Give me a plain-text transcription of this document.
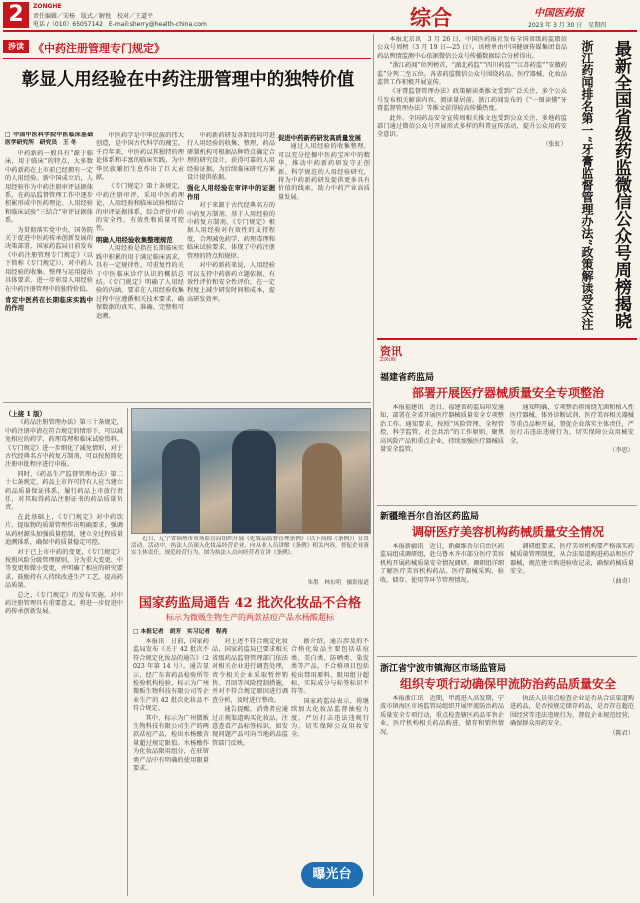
2	ZONGHE
责任编辑／宋杨　版式／解悦　校对／王道平
电话 /（010）65057142　E-mail:sherry@health-china.com	综合	中国医药报
2023 年 3 月 30 日　星期四
涉读 《中药注册管理专门规定》
彰显人用经验在中药注册管理中的独特价值
□ 中国中医科学院中医临床基础医学研究所　研究员　王 冬

中药新药一般具有“源于临床，用于临床”的特点，大多数中药新药在上市前已经拥有一定的人用经验。新中国成立后，人用经验作为中药注册审评证据体系，在药品监督管理工作中逐步积累形成中医药理论、人用经验和临床试验“三结合”审评证据体系。

为贯彻落实党中央、国务院关于促进中医药传承创新发展的决策部署，国家药监局日前发布《中药注册管理专门规定》（以下简称《专门规定》），对中药人用经验的收集、整理与运用提出具体要求，进一步彰显人用经验在中药注册管理中的独特价值。

肯定中医药在长期临床实践中的作用

中医药学是中华民族的伟大创造，是中国古代科学的瑰宝。千百年来，中医药以其独特的理论体系和丰富的临床实践，为中华民族繁衍生息作出了巨大贡献。

《专门规定》第十条规定，中药注册审评，采用中医药理论、人用经验和临床试验相结合的审评证据体系，综合评价中药的安全性、有效性和质量可控性。

明确人用经验收集整理规范

人用经验是指在长期临床实践中积累的用于满足临床需求，具有一定规律性、可重复性的关于中医临床诊疗认识的概括总结。《专门规定》明确了人用经验的内涵，要求在人用经验收集过程中应遵循相关技术要求，确保数据的真实、准确、完整和可追溯。

中药新药研发各阶段均可进行人用经验的收集、整理，药品研制机构可根据品种特点确定合理的研究设计，获得可靠的人用经验证据，为后续临床研究方案设计提供依据。

强化人用经验在审评中的证据作用

对于来源于古代经典名方的中药复方制剂、基于人用经验的中药复方制剂，《专门规定》根据人用经验对有效性的支持程度，合理减免药学、药理毒理和临床试验要求，体现了中药注册管理的特点和规律。

对中药新药来说，人用经验可以支持中药新药立题依据、有效性评价和安全性评价，在一定程度上减少研发时间和成本，提高研发效率。

促进中药新药研发高质量发展

通过人用经验的收集整理，可以充分挖掘中医药宝库中的精华，推动中药新药研发守正创新。科学规范的人用经验研究，将为中药新药研发提供更多具有价值的线索，助力中药产业高质量发展。

（上接 1 版）

《药品注册管理办法》第三十条规定，中药注册申请在符合规定的情形下，可以减免相应的药学、药理毒理和临床试验资料。《专门规定》进一步细化了减免情形，对于古代经典名方中药复方制剂，可以按照简化注册审批程序进行申报。

同时，《药品生产监督管理办法》第二十七条规定，药品上市许可持有人应当建立药品质量保证体系，履行药品上市放行责任，对其取得药品注册证书的药品质量负责。

在此基础上，《专门规定》对中药饮片、提取物的质量管理作出明确要求，强调从药材源头加强质量控制，建立全过程质量追溯体系，确保中药质量稳定可控。

对于已上市中药的变更，《专门规定》按照风险分级管理原则，分为重大变更、中等变更和微小变更，并明确了相应的研究要求，鼓励持有人持续改进生产工艺，提高药品质量。

总之，《专门规定》的发布实施，对中药注册管理具有重要意义，将进一步促进中药传承创新发展。

近日，辽宁省锦州市市场监管局组织开展《化妆品监督管理条例》（以下简称《条例》）宣贯活动。活动中，执法人员深入化妆品经营企业，向从业人员讲解《条例》相关内容，督促企业落实主体责任，规范经营行为。图为执法人员向经营者宣讲《条例》。

朱墨　林东明　摄影报道
国家药监局通告 42 批次化妆品不合格
标示为微贩生物生产的两款祛痘产品水杨酸超标
□ 本报记者　胡芳　实习记者　程亮

本报讯　日前，国家药监局发布《关于 42 批次不符合规定化妆品的通告》（2023 年第 14 号）。通告显示，经广东省药品检验所等检验机构检验，标示为广州微贩生物科技有限公司等企业生产的 42 批次化妆品不符合规定。

其中，标示为广州微贩生物科技有限公司生产的两款祛痘产品，检出水杨酸含量超过规定限值。水杨酸作为化妆品限用组分，在驻留类产品中有明确的使用限量要求。

对上述不符合规定化妆品，国家药监局已要求相关省级药品监督管理部门依法对相关企业进行调查处理，责令相关企业采取暂停销售、召回等风险控制措施，并对不符合规定原因进行调查分析，及时进行整改。

通告提醒，消费者应通过正规渠道购买化妆品，注意查看产品标签标识，如发现问题产品可向当地药品监管部门反映。

据介绍，通告涉及的不合格化妆品主要包括祛痘类、美白类、防晒类、染发类等产品，不合格项目包括检出禁用原料、限用组分超标、实际成分与标签标识不符等。

国家药监局表示，将继续加大化妆品监督抽检力度，严厉打击违法违规行为，切实保障公众用妆安全。

曝光台

本报北京讯　3 月 26 日，中国医药报社发布全国省级药监微信公众号周榜（3 月 19 日—25 日）。该榜单由中国健康传媒集团食品药品舆情监测中心依据微信公众号传播数据综合分析得出。

“浙江药闻”位列榜首，“湖北药监”“四川药监”“江苏药监”“安徽药监”分列二至五位。各省药监微信公众号围绕药品、医疗器械、化妆品监管工作积极开展宣传。

《牙膏监督管理办法》政策解读类推文受到广泛关注，多个公众号发布相关解读内容，阅读量居前。浙江药闻发布的《“一图读懂”牙膏监督管理办法》等推文获得较高传播热度。

此外，全国药品安全宣传周相关推文也受到公众关注，多地药监部门通过微信公众号开展形式多样的科普宣传活动，提升公众用药安全意识。

（张虹）	浙江药闻排名第一“牙膏监督管理办法”政策解读受关注	最新全国省级药监微信公众号周榜揭晓
资讯
ZIXUN
福建省药监局
部署开展医疗器械质量安全专项整治

本报福建讯　近日，福建省药监局印发通知，部署在全省开展医疗器械质量安全专项整治工作。通知要求，按照“风险管理、全程管控、科学监管、社会共治”的工作原则，聚焦高风险产品和重点企业，持续加强医疗器械质量安全监管。

通知明确，专项整治将围绕无菌和植入性医疗器械、体外诊断试剂、医疗美容相关器械等重点品种开展，督促企业落实主体责任，严厉打击违法违规行为，切实保障公众用械安全。

（李思）
新疆维吾尔自治区药监局
调研医疗美容机构药械质量安全情况

本报新疆讯　近日，新疆维吾尔自治区药监局组成调研组，赴乌鲁木齐市部分医疗美容机构开展药械质量安全情况调研。调研组详细了解医疗美容机构药品、医疗器械采购、验收、储存、使用等环节管理情况。

调研组要求，医疗美容机构要严格落实药械质量管理制度，从合法渠道购进药品和医疗器械，规范建立购进验收记录，确保药械质量安全。

（曲奇）
浙江省宁波市镇海区市场监管局
组织专项行动确保甲流防治药品质量安全

本报浙江讯　近期，甲流进入高发期，宁波市镇海区市场监管局组织开展甲流防治药品质量安全专项行动，重点检查辖区药品零售企业、医疗机构相关药品购进、储存和销售情况。

执法人员重点检查企业是否从合法渠道购进药品，是否按规定储存药品，是否存在超范围经营等违法违规行为，督促企业规范经营，确保群众用药安全。

（陈君）
